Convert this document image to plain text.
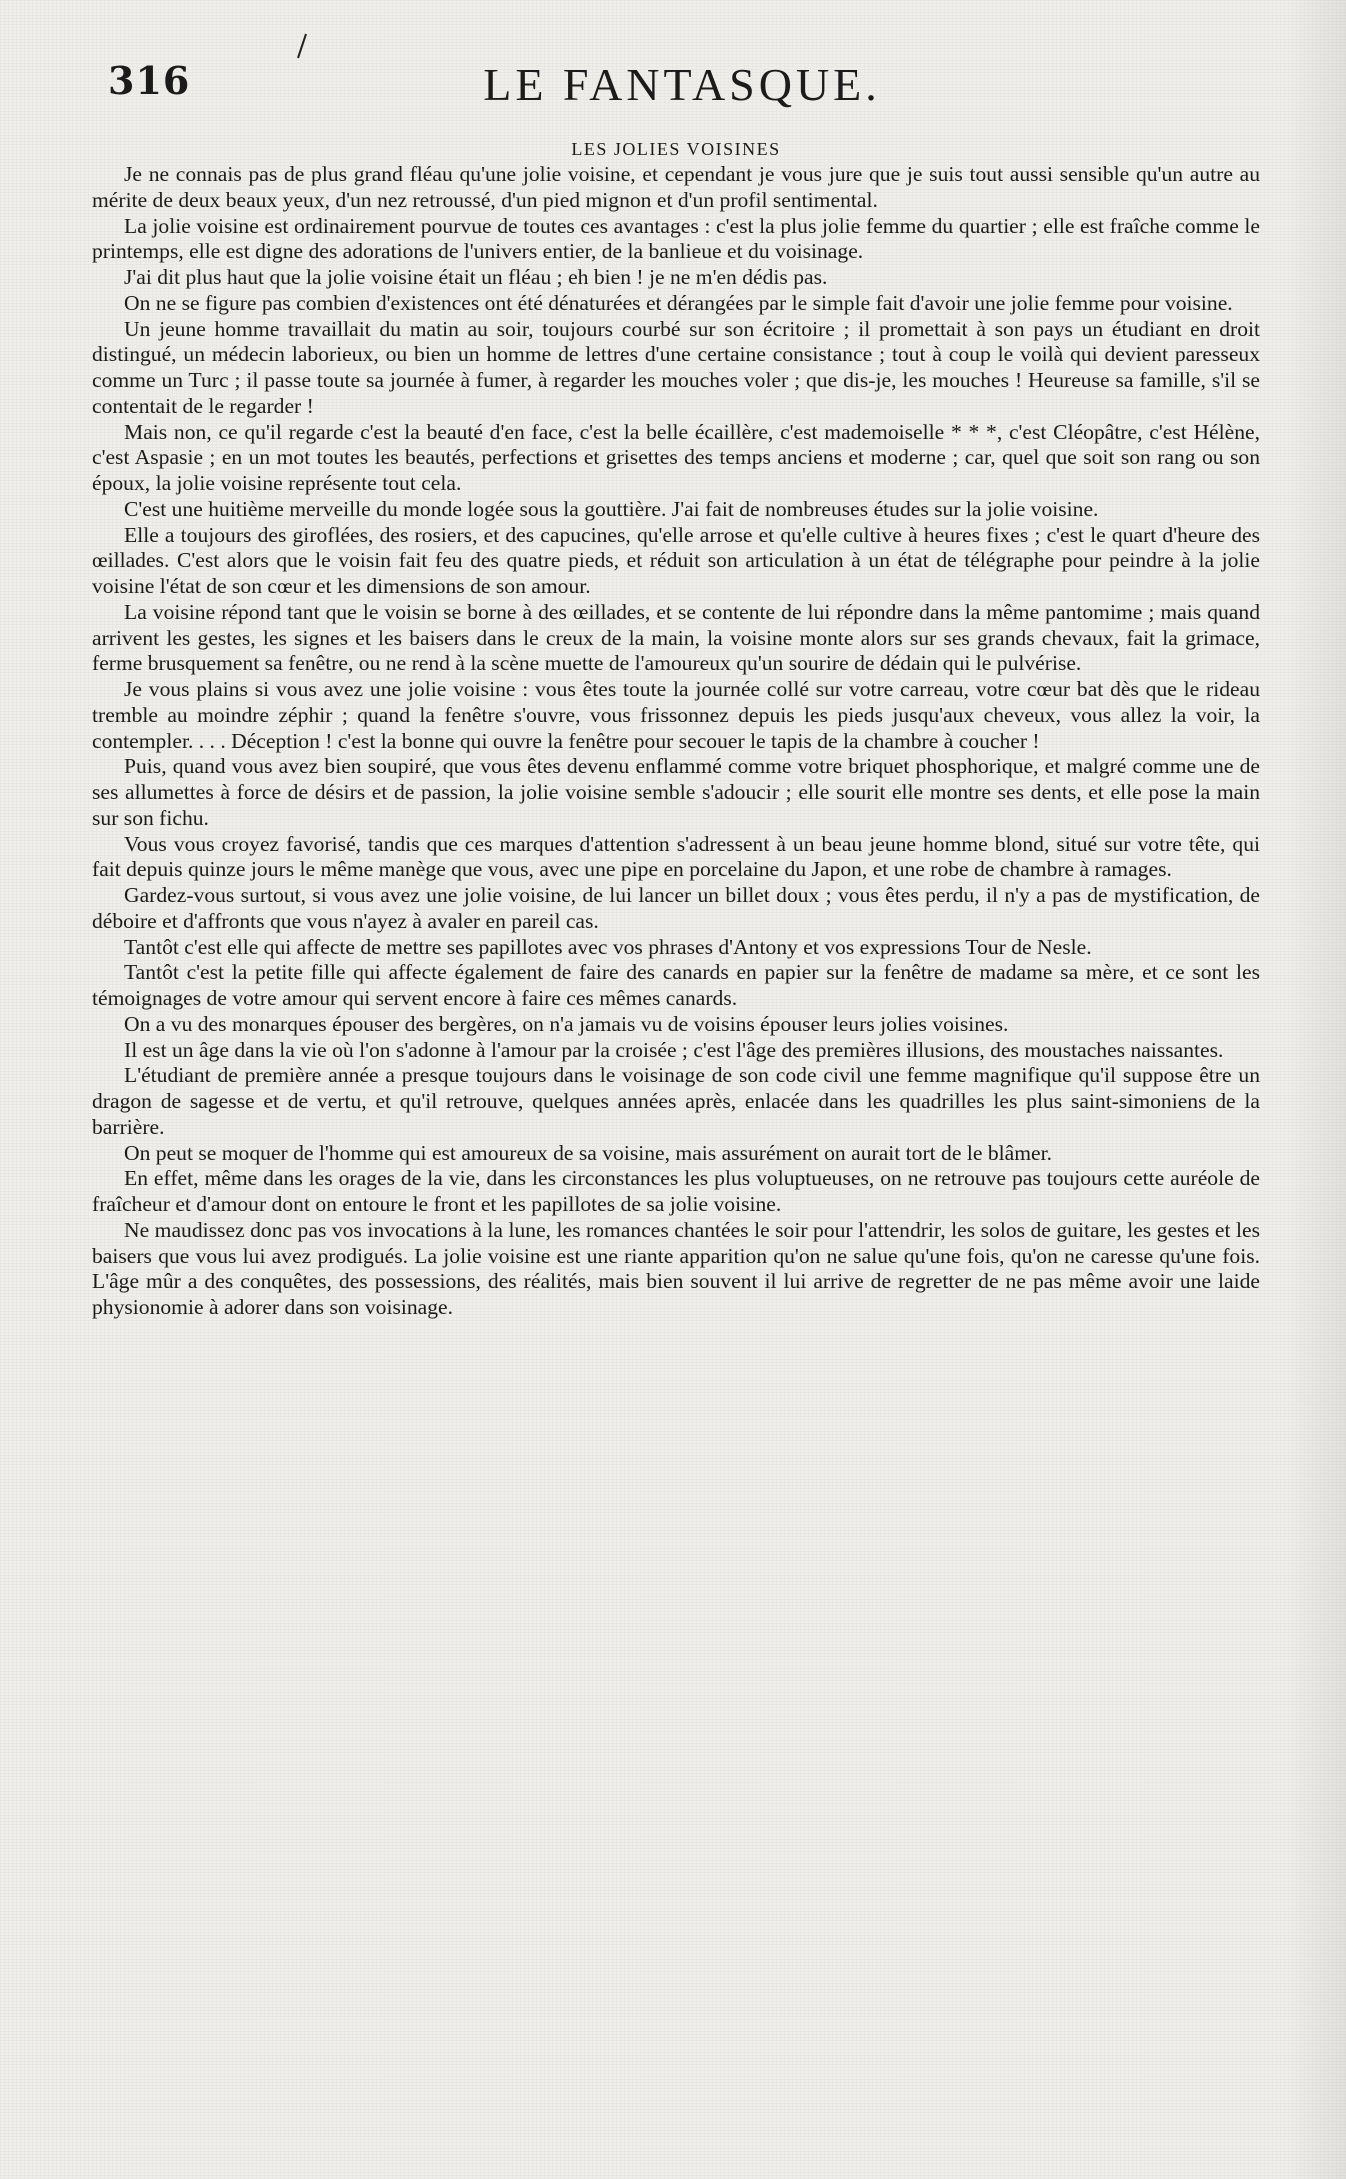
316	LE FANTASQUE.
LES JOLIES VOISINES

Je ne connais pas de plus grand fléau qu'une jolie voisine, et cependant je vous jure que je suis tout aussi sensible qu'un autre au mérite de deux beaux yeux, d'un nez retroussé, d'un pied mignon et d'un profil sentimental.

La jolie voisine est ordinairement pourvue de toutes ces avantages : c'est la plus jolie femme du quartier ; elle est fraîche comme le printemps, elle est digne des adorations de l'univers entier, de la banlieue et du voisinage.

J'ai dit plus haut que la jolie voisine était un fléau ; eh bien ! je ne m'en dédis pas.

On ne se figure pas combien d'existences ont été dénaturées et dérangées par le simple fait d'avoir une jolie femme pour voisine.

Un jeune homme travaillait du matin au soir, toujours courbé sur son écritoire ; il promettait à son pays un étudiant en droit distingué, un médecin laborieux, ou bien un homme de lettres d'une certaine consistance ; tout à coup le voilà qui devient paresseux comme un Turc ; il passe toute sa journée à fumer, à regarder les mouches voler ; que dis-je, les mouches ! Heureuse sa famille, s'il se contentait de le regarder !

Mais non, ce qu'il regarde c'est la beauté d'en face, c'est la belle écaillère, c'est mademoiselle * * *, c'est Cléopâtre, c'est Hélène, c'est Aspasie ; en un mot toutes les beautés, perfections et grisettes des temps anciens et moderne ; car, quel que soit son rang ou son époux, la jolie voisine représente tout cela.

C'est une huitième merveille du monde logée sous la gouttière. J'ai fait de nombreuses études sur la jolie voisine.

Elle a toujours des giroflées, des rosiers, et des capucines, qu'elle arrose et qu'elle cultive à heures fixes ; c'est le quart d'heure des œillades. C'est alors que le voisin fait feu des quatre pieds, et réduit son articulation à un état de télégraphe pour peindre à la jolie voisine l'état de son cœur et les dimensions de son amour.

La voisine répond tant que le voisin se borne à des œillades, et se contente de lui répondre dans la même pantomime ; mais quand arrivent les gestes, les signes et les baisers dans le creux de la main, la voisine monte alors sur ses grands chevaux, fait la grimace, ferme brusquement sa fenêtre, ou ne rend à la scène muette de l'amoureux qu'un sourire de dédain qui le pulvérise.

Je vous plains si vous avez une jolie voisine : vous êtes toute la journée collé sur votre carreau, votre cœur bat dès que le rideau tremble au moindre zéphir ; quand la fenêtre s'ouvre, vous frissonnez depuis les pieds jusqu'aux cheveux, vous allez la voir, la contempler. . . . Déception ! c'est la bonne qui ouvre la fenêtre pour secouer le tapis de la chambre à coucher !

Puis, quand vous avez bien soupiré, que vous êtes devenu enflammé comme votre briquet phosphorique, et malgré comme une de ses allumettes à force de désirs et de passion, la jolie voisine semble s'adoucir ; elle sourit elle montre ses dents, et elle pose la main sur son fichu.

Vous vous croyez favorisé, tandis que ces marques d'attention s'adressent à un beau jeune homme blond, situé sur votre tête, qui fait depuis quinze jours le même manège que vous, avec une pipe en porcelaine du Japon, et une robe de chambre à ramages.

Gardez-vous surtout, si vous avez une jolie voisine, de lui lancer un billet doux ; vous êtes perdu, il n'y a pas de mystification, de déboire et d'affronts que vous n'ayez à avaler en pareil cas.

Tantôt c'est elle qui affecte de mettre ses papillotes avec vos phrases d'Antony et vos expressions Tour de Nesle.

Tantôt c'est la petite fille qui affecte également de faire des canards en papier sur la fenêtre de madame sa mère, et ce sont les témoignages de votre amour qui servent encore à faire ces mêmes canards.

On a vu des monarques épouser des bergères, on n'a jamais vu de voisins épouser leurs jolies voisines.

Il est un âge dans la vie où l'on s'adonne à l'amour par la croisée ; c'est l'âge des premières illusions, des moustaches naissantes.

L'étudiant de première année a presque toujours dans le voisinage de son code civil une femme magnifique qu'il suppose être un dragon de sagesse et de vertu, et qu'il retrouve, quelques années après, enlacée dans les quadrilles les plus saint-simoniens de la barrière.

On peut se moquer de l'homme qui est amoureux de sa voisine, mais assurément on aurait tort de le blâmer.

En effet, même dans les orages de la vie, dans les circonstances les plus voluptueuses, on ne retrouve pas toujours cette auréole de fraîcheur et d'amour dont on entoure le front et les papillotes de sa jolie voisine.

Ne maudissez donc pas vos invocations à la lune, les romances chantées le soir pour l'attendrir, les solos de guitare, les gestes et les baisers que vous lui avez prodigués. La jolie voisine est une riante apparition qu'on ne salue qu'une fois, qu'on ne caresse qu'une fois. L'âge mûr a des conquêtes, des possessions, des réalités, mais bien souvent il lui arrive de regretter de ne pas même avoir une laide physionomie à adorer dans son voisinage.
